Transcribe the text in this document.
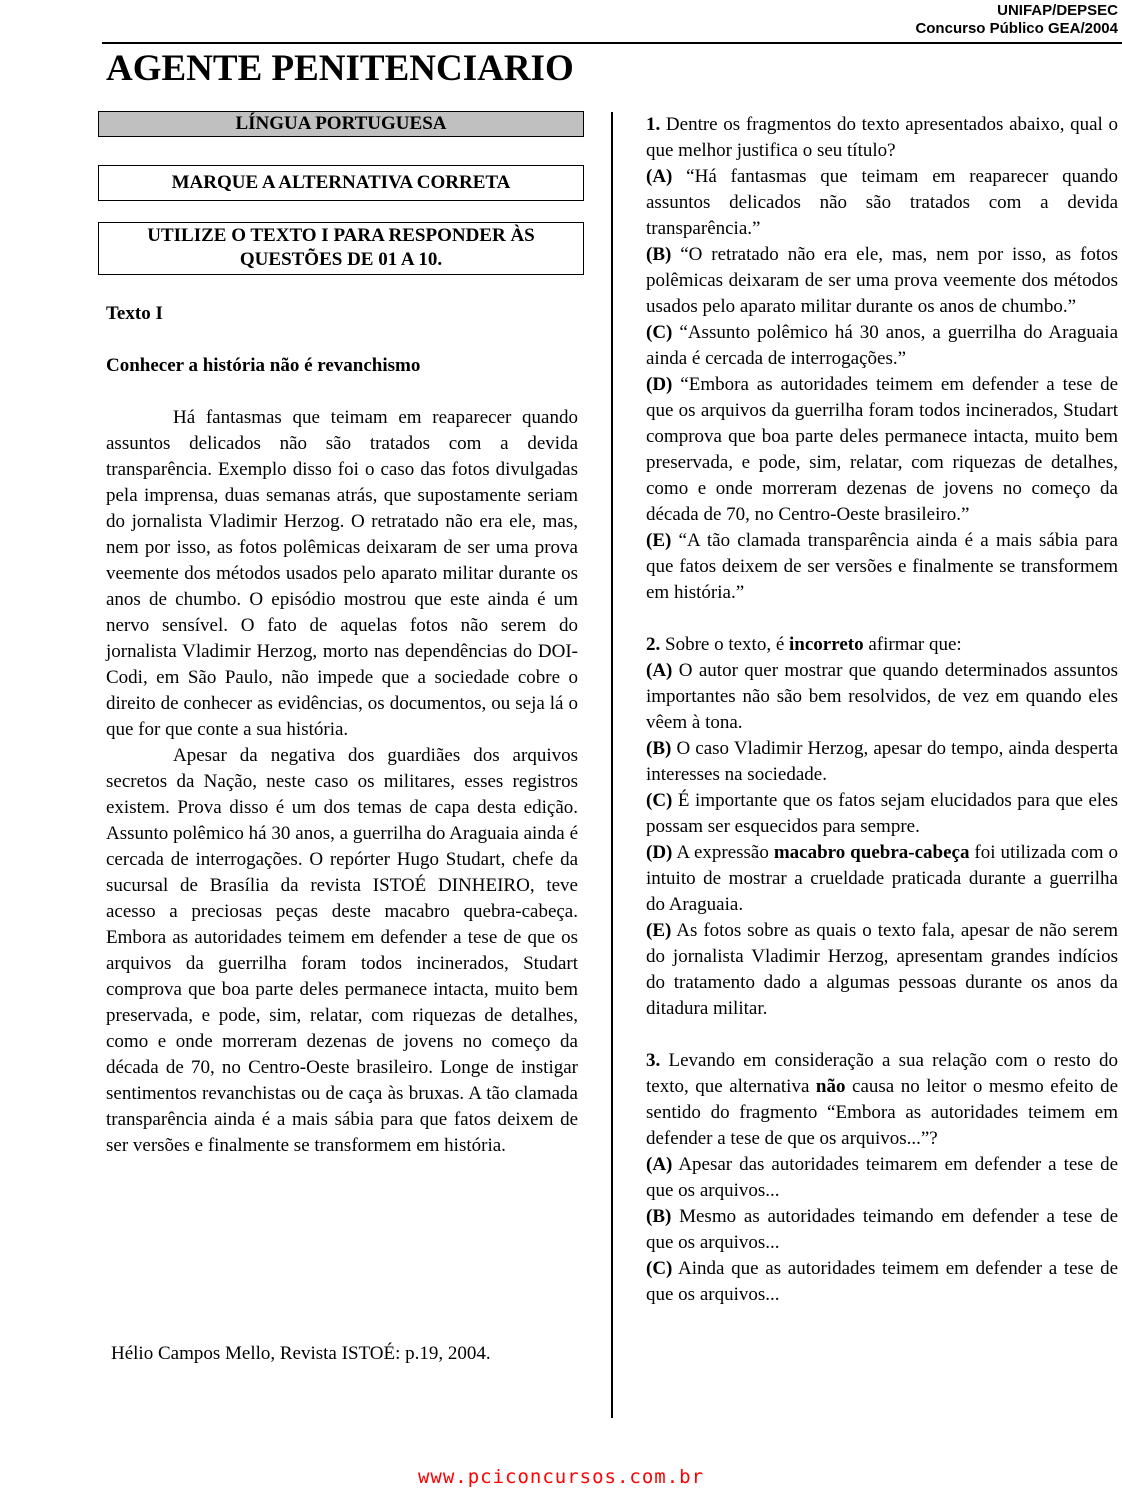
UNIFAP/DEPSEC
Concurso Público GEA/2004
AGENTE PENITENCIARIO
LÍNGUA PORTUGUESA
MARQUE A ALTERNATIVA CORRETA
UTILIZE O TEXTO I PARA RESPONDER ÀS QUESTÕES DE 01 A 10.
Texto I
Conhecer a história não é revanchismo

Há fantasmas que teimam em reaparecer quando assuntos delicados não são tratados com a devida transparência. Exemplo disso foi o caso das fotos divulgadas pela imprensa, duas semanas atrás, que supostamente seriam do jornalista Vladimir Herzog. O retratado não era ele, mas, nem por isso, as fotos polêmicas deixaram de ser uma prova veemente dos métodos usados pelo aparato militar durante os anos de chumbo. O episódio mostrou que este ainda é um nervo sensível. O fato de aquelas fotos não serem do jornalista Vladimir Herzog, morto nas dependências do DOI-Codi, em São Paulo, não impede que a sociedade cobre o direito de conhecer as evidências, os documentos, ou seja lá o que for que conte a sua história.

Apesar da negativa dos guardiães dos arquivos secretos da Nação, neste caso os militares, esses registros existem. Prova disso é um dos temas de capa desta edição. Assunto polêmico há 30 anos, a guerrilha do Araguaia ainda é cercada de interrogações. O repórter Hugo Studart, chefe da sucursal de Brasília da revista ISTOÉ DINHEIRO, teve acesso a preciosas peças deste macabro quebra-cabeça. Embora as autoridades teimem em defender a tese de que os arquivos da guerrilha foram todos incinerados, Studart comprova que boa parte deles permanece intacta, muito bem preservada, e pode, sim, relatar, com riquezas de detalhes, como e onde morreram dezenas de jovens no começo da década de 70, no Centro-Oeste brasileiro. Longe de instigar sentimentos revanchistas ou de caça às bruxas. A tão clamada transparência ainda é a mais sábia para que fatos deixem de ser versões e finalmente se transformem em história.

Hélio Campos Mello, Revista ISTOÉ: p.19, 2004.

1. Dentre os fragmentos do texto apresentados abaixo, qual o que melhor justifica o seu título?

(A) “Há fantasmas que teimam em reaparecer quando assuntos delicados não são tratados com a devida transparência.”

(B) “O retratado não era ele, mas, nem por isso, as fotos polêmicas deixaram de ser uma prova veemente dos métodos usados pelo aparato militar durante os anos de chumbo.”

(C) “Assunto polêmico há 30 anos, a guerrilha do Araguaia ainda é cercada de interrogações.”

(D) “Embora as autoridades teimem em defender a tese de que os arquivos da guerrilha foram todos incinerados, Studart comprova que boa parte deles permanece intacta, muito bem preservada, e pode, sim, relatar, com riquezas de detalhes, como e onde morreram dezenas de jovens no começo da década de 70, no Centro-Oeste brasileiro.”

(E) “A tão clamada transparência ainda é a mais sábia para que fatos deixem de ser versões e finalmente se transformem em história.”

2. Sobre o texto, é incorreto afirmar que:

(A) O autor quer mostrar que quando determinados assuntos importantes não são bem resolvidos, de vez em quando eles vêem à tona.

(B) O caso Vladimir Herzog, apesar do tempo, ainda desperta interesses na sociedade.

(C) É importante que os fatos sejam elucidados para que eles possam ser esquecidos para sempre.

(D) A expressão macabro quebra-cabeça foi utilizada com o intuito de mostrar a crueldade praticada durante a guerrilha do Araguaia.

(E) As fotos sobre as quais o texto fala, apesar de não serem do jornalista Vladimir Herzog, apresentam grandes indícios do tratamento dado a algumas pessoas durante os anos da ditadura militar.

3. Levando em consideração a sua relação com o resto do texto, que alternativa não causa no leitor o mesmo efeito de sentido do fragmento “Embora as autoridades teimem em defender a tese de que os arquivos...”?

(A) Apesar das autoridades teimarem em defender a tese de que os arquivos...

(B) Mesmo as autoridades teimando em defender a tese de que os arquivos...

(C) Ainda que as autoridades teimem em defender a tese de que os arquivos...

www.pciconcursos.com.br
